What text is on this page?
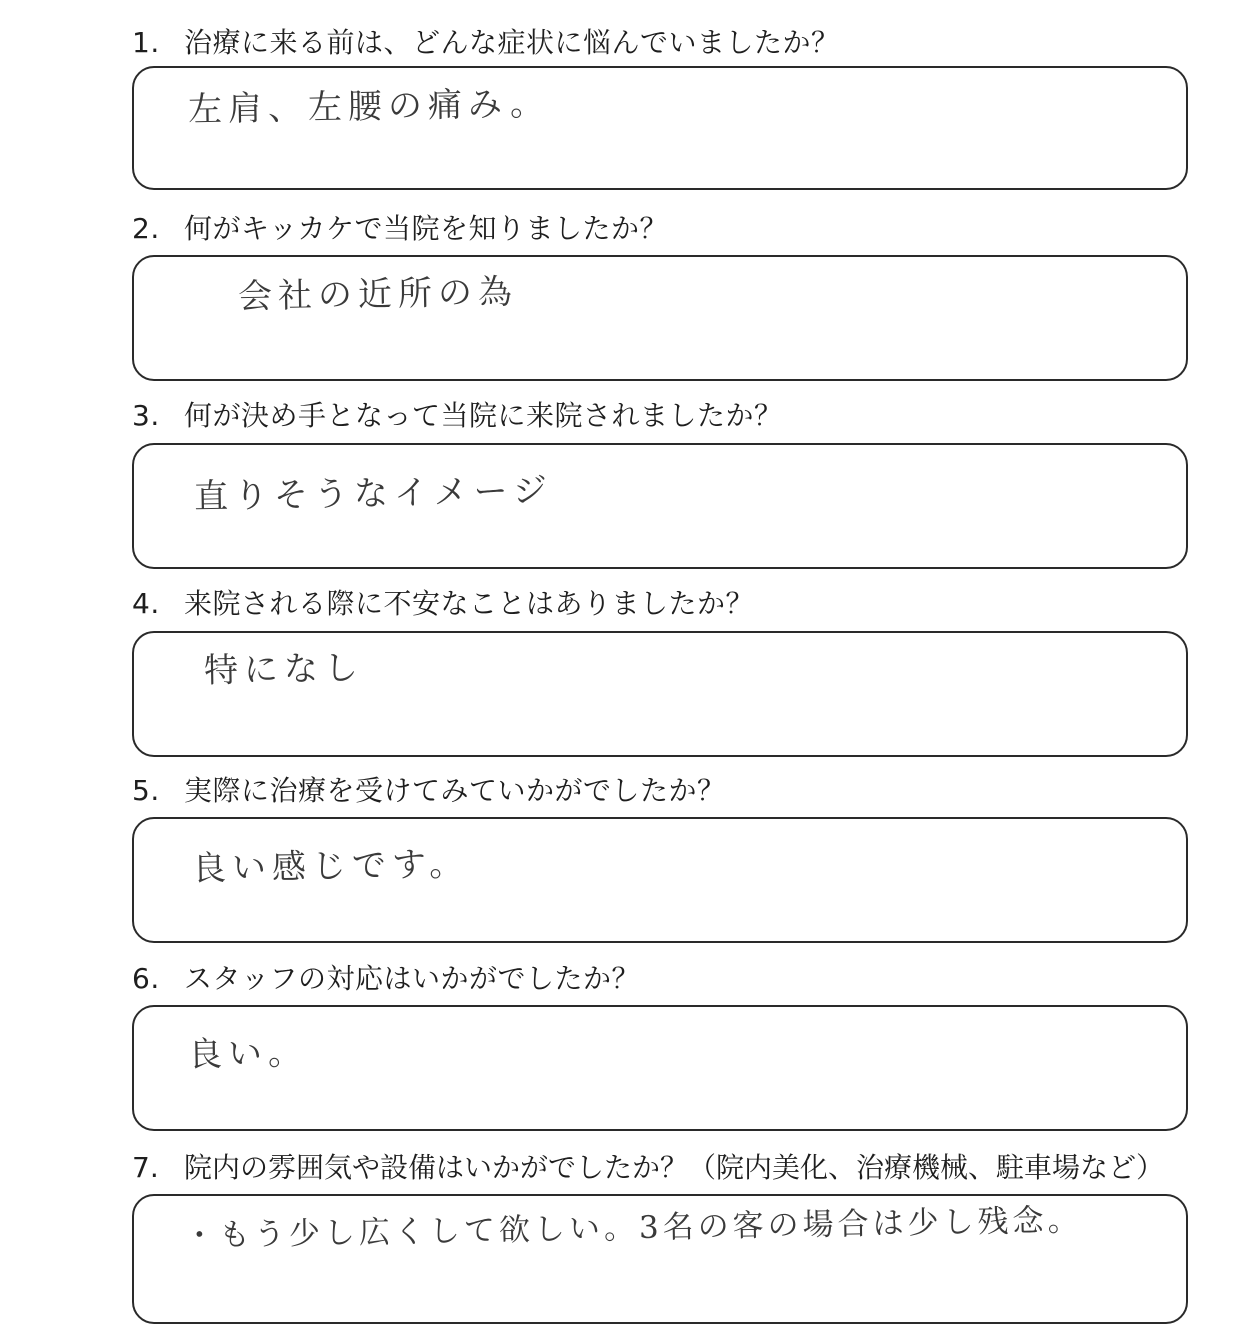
1. 治療に来る前は、どんな症状に悩んでいましたか？
左肩、左腰の痛み。
2. 何がキッカケで当院を知りましたか？
会社の近所の為
3. 何が決め手となって当院に来院されましたか？
直りそうなイメージ
4. 来院される際に不安なことはありましたか？
特になし
5. 実際に治療を受けてみていかがでしたか？
良い感じです。
6. スタッフの対応はいかがでしたか？
良い。
7. 院内の雰囲気や設備はいかがでしたか？（院内美化、治療機械、駐車場など）
・もう少し広くして欲しい。3名の客の場合は少し残念。
